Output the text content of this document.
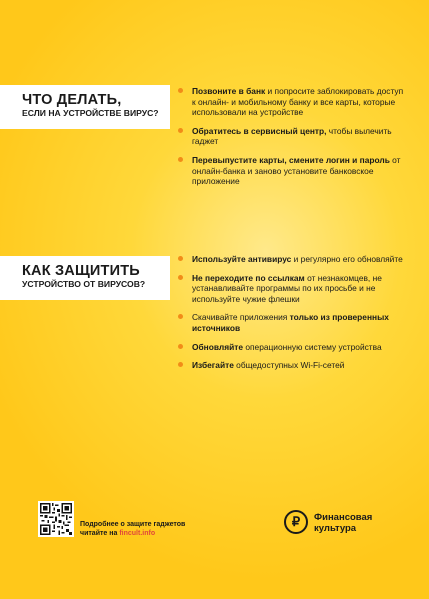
ЧТО ДЕЛАТЬ,
ЕСЛИ НА УСТРОЙСТВЕ ВИРУС?
Позвоните в банк и попросите заблокировать доступ к онлайн- и мобильному банку и все карты, которые использовали на устройстве
Обратитесь в сервисный центр, чтобы вылечить гаджет
Перевыпустите карты, смените логин и пароль от онлайн-банка и заново установите банковское приложение
КАК ЗАЩИТИТЬ
УСТРОЙСТВО ОТ ВИРУСОВ?
Используйте антивирус и регулярно его обновляйте
Не переходите по ссылкам от незнакомцев, не устанавливайте программы по их просьбе и не используйте чужие флешки
Скачивайте приложения только из проверенных источников
Обновляйте операционную систему устройства
Избегайте общедоступных Wi-Fi-сетей
Подробнее о защите гаджетов
читайте на fincult.info
₽	Финансовая
культура
